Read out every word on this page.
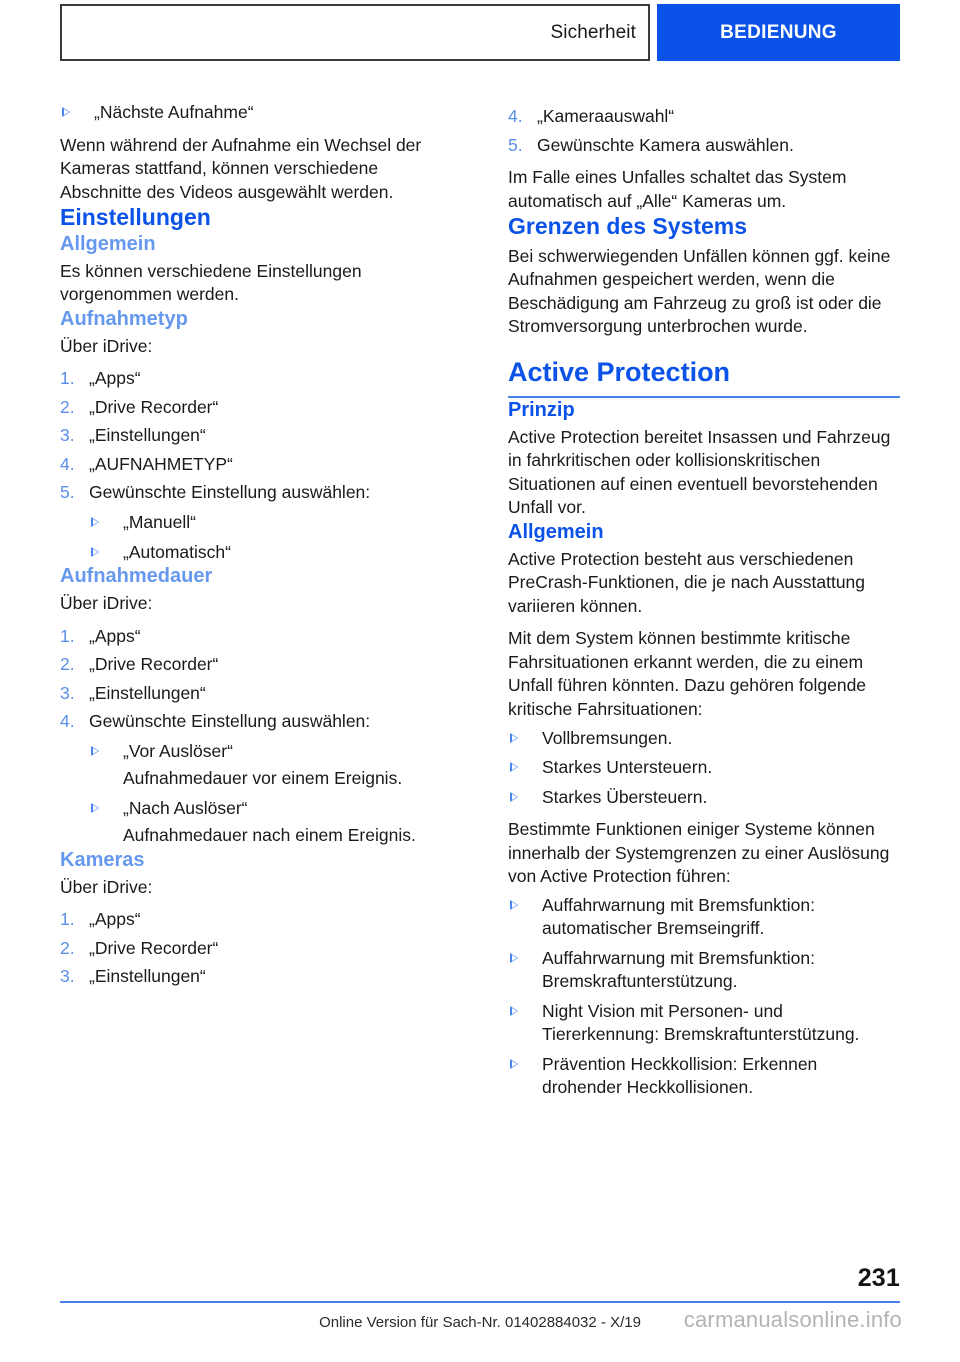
Sicherheit	BEDIENUNG
„Nächste Aufnahme“

Wenn während der Aufnahme ein Wechsel der Kameras stattfand, können verschiedene Abschnitte des Videos ausgewählt werden.

Einstellungen
Allgemein

Es können verschiedene Einstellungen vorgenommen werden.

Aufnahmetyp

Über iDrive:

1. „Apps“
2. „Drive Recorder“
3. „Einstellungen“
4. „AUFNAHMETYP“
5. Gewünschte Einstellung auswählen:
„Manuell“
„Automatisch“
Aufnahmedauer

Über iDrive:

1. „Apps“
2. „Drive Recorder“
3. „Einstellungen“
4. Gewünschte Einstellung auswählen:
„Vor Auslöser“
Aufnahmedauer vor einem Ereignis.
„Nach Auslöser“
Aufnahmedauer nach einem Ereignis.
Kameras

Über iDrive:

1. „Apps“
2. „Drive Recorder“
3. „Einstellungen“
4. „Kameraauswahl“
5. Gewünschte Kamera auswählen.

Im Falle eines Unfalles schaltet das System automatisch auf „Alle“ Kameras um.

Grenzen des Systems

Bei schwerwiegenden Unfällen können ggf. keine Aufnahmen gespeichert werden, wenn die Beschädigung am Fahrzeug zu groß ist oder die Stromversorgung unterbrochen wurde.

Active Protection
Prinzip

Active Protection bereitet Insassen und Fahrzeug in fahrkritischen oder kollisionskritischen Situationen auf einen eventuell bevorstehenden Unfall vor.

Allgemein

Active Protection besteht aus verschiedenen PreCrash-Funktionen, die je nach Ausstattung variieren können.

Mit dem System können bestimmte kritische Fahrsituationen erkannt werden, die zu einem Unfall führen könnten. Dazu gehören folgende kritische Fahrsituationen:

Vollbremsungen.
Starkes Untersteuern.
Starkes Übersteuern.

Bestimmte Funktionen einiger Systeme können innerhalb der Systemgrenzen zu einer Auslösung von Active Protection führen:

Auffahrwarnung mit Bremsfunktion: automatischer Bremseingriff.
Auffahrwarnung mit Bremsfunktion: Bremskraftunterstützung.
Night Vision mit Personen- und Tiererkennung: Bremskraftunterstützung.
Prävention Heckkollision: Erkennen drohender Heckkollisionen.
231
Online Version für Sach-Nr. 01402884032 - X/19	carmanualsonline.info
